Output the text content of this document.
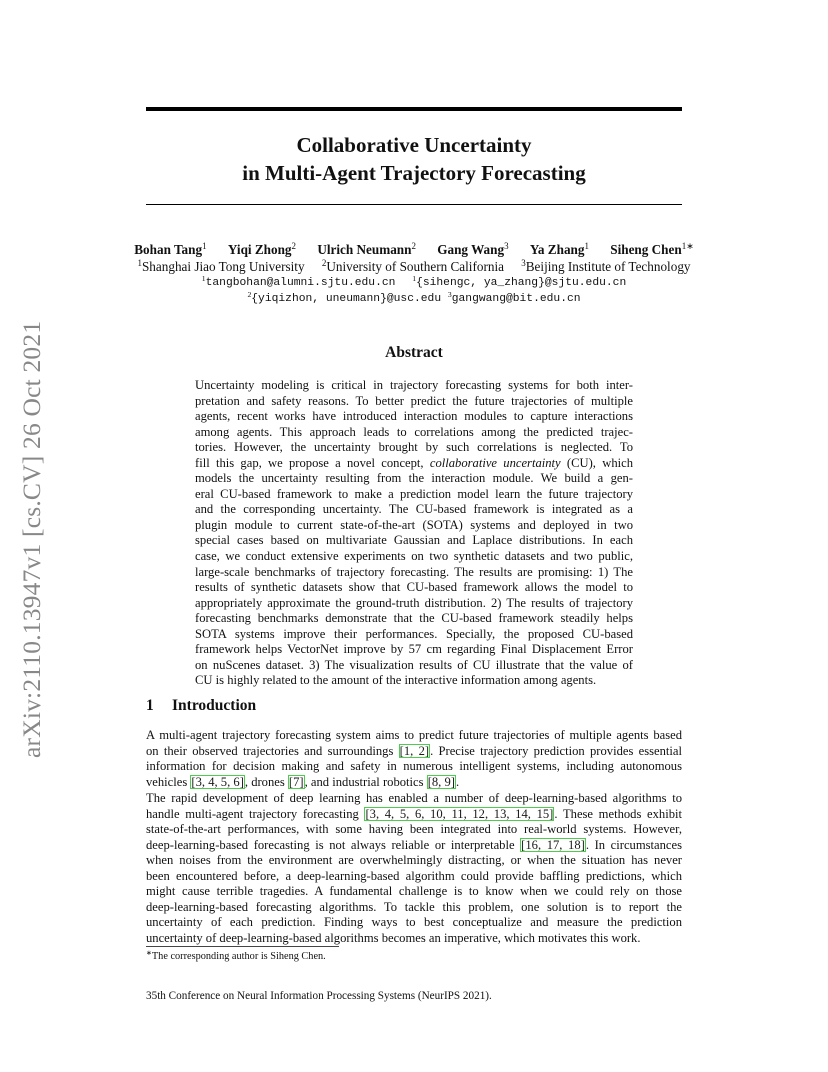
arXiv:2110.13947v1 [cs.CV] 26 Oct 2021
Collaborative Uncertainty
in Multi-Agent Trajectory Forecasting
Bohan Tang$^1$ Yiqi Zhong$^2$ Ulrich Neumann$^2$ Gang Wang$^3$ Ya Zhang$^1$ Siheng Chen$^{1∗}$
$^1$Shanghai Jiao Tong University $^2$University of Southern California $^3$Beijing Institute of Technology
$^1$tangbohan@alumni.sjtu.edu.cn $^1${sihengc, ya_zhang}@sjtu.edu.cn
$^2${yiqizhon, uneumann}@usc.edu $^3$gangwang@bit.edu.cn
Abstract
Uncertainty modeling is critical in trajectory forecasting systems for both inter-
pretation and safety reasons. To better predict the future trajectories of multiple
agents, recent works have introduced interaction modules to capture interactions
among agents. This approach leads to correlations among the predicted trajec-
tories. However, the uncertainty brought by such correlations is neglected. To
fill this gap, we propose a novel concept, collaborative uncertainty (CU), which
models the uncertainty resulting from the interaction module. We build a gen-
eral CU-based framework to make a prediction model learn the future trajectory
and the corresponding uncertainty. The CU-based framework is integrated as a
plugin module to current state-of-the-art (SOTA) systems and deployed in two
special cases based on multivariate Gaussian and Laplace distributions. In each
case, we conduct extensive experiments on two synthetic datasets and two public,
large-scale benchmarks of trajectory forecasting. The results are promising: 1) The
results of synthetic datasets show that CU-based framework allows the model to
appropriately approximate the ground-truth distribution. 2) The results of trajectory
forecasting benchmarks demonstrate that the CU-based framework steadily helps
SOTA systems improve their performances. Specially, the proposed CU-based
framework helps VectorNet improve by 57 cm regarding Final Displacement Error
on nuScenes dataset. 3) The visualization results of CU illustrate that the value of
CU is highly related to the amount of the interactive information among agents.
1 Introduction
A multi-agent trajectory forecasting system aims to predict future trajectories of multiple agents based
on their observed trajectories and surroundings [1, 2]. Precise trajectory prediction provides essential
information for decision making and safety in numerous intelligent systems, including autonomous
vehicles [3, 4, 5, 6], drones [7], and industrial robotics [8, 9].
The rapid development of deep learning has enabled a number of deep-learning-based algorithms to
handle multi-agent trajectory forecasting [3, 4, 5, 6, 10, 11, 12, 13, 14, 15]. These methods exhibit
state-of-the-art performances, with some having been integrated into real-world systems. However,
deep-learning-based forecasting is not always reliable or interpretable [16, 17, 18]. In circumstances
when noises from the environment are overwhelmingly distracting, or when the situation has never
been encountered before, a deep-learning-based algorithm could provide baffling predictions, which
might cause terrible tragedies. A fundamental challenge is to know when we could rely on those
deep-learning-based forecasting algorithms. To tackle this problem, one solution is to report the
uncertainty of each prediction. Finding ways to best conceptualize and measure the prediction
uncertainty of deep-learning-based algorithms becomes an imperative, which motivates this work.
∗The corresponding author is Siheng Chen.
35th Conference on Neural Information Processing Systems (NeurIPS 2021).
